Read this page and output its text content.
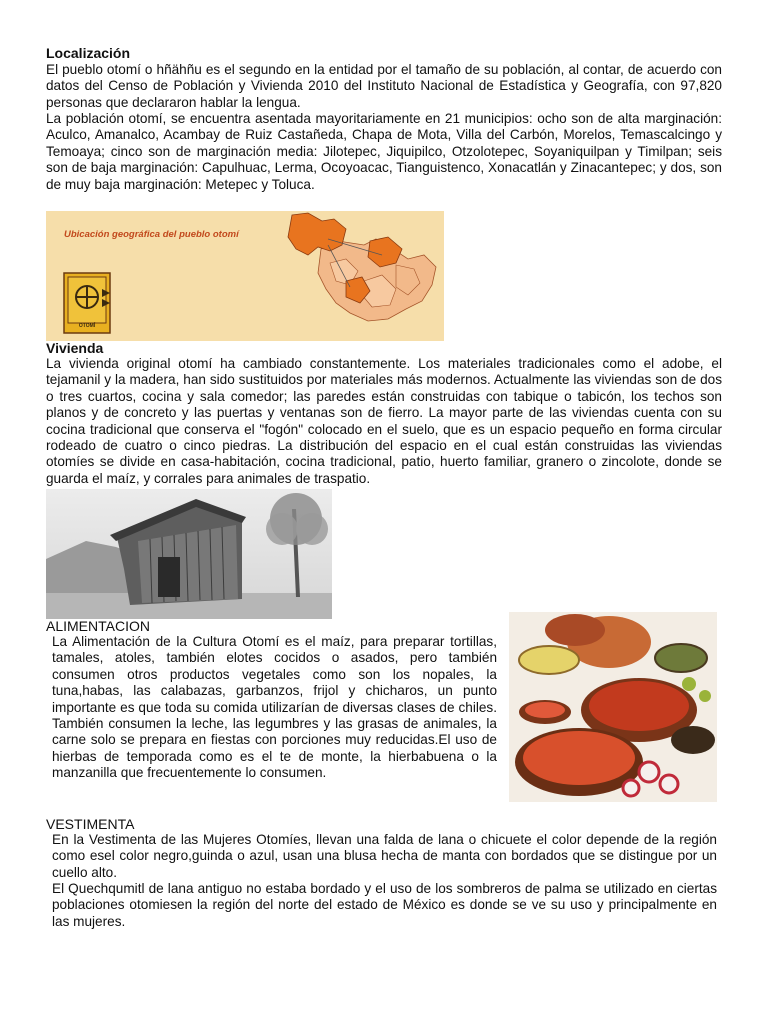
Localización

El pueblo otomí o hñähñu es el segundo en la entidad por el tamaño de su población, al contar, de acuerdo con datos del Censo de Población y Vivienda 2010 del Instituto Nacional de Estadística y Geografía, con 97,820 personas que declararon hablar la lengua.

La población otomí, se encuentra asentada mayoritariamente en 21 municipios: ocho son de alta marginación: Aculco, Amanalco, Acambay de Ruiz Castañeda, Chapa de Mota, Villa del Carbón, Morelos, Temascalcingo y Temoaya; cinco son de marginación media: Jilotepec, Jiquipilco, Otzolotepec, Soyaniquilpan y Timilpan; seis son de baja marginación: Capulhuac, Lerma, Ocoyoacac, Tianguistenco, Xonacatlán y Zinacantepec; y dos, son de muy baja marginación: Metepec y Toluca.

Ubicación geográfica del pueblo otomí
OTOMÍ

Vivienda

La vivienda original otomí ha cambiado constantemente. Los materiales tradicionales como el adobe, el tejamanil y la madera, han sido sustituidos por materiales más modernos. Actualmente las viviendas son de dos o tres cuartos, cocina y sala comedor; las paredes están construidas con tabique o tabicón, los techos son planos y de concreto y las puertas y ventanas son de fierro. La mayor parte de las viviendas cuenta con su cocina tradicional que conserva el "fogón" colocado en el suelo, que es un espacio pequeño en forma circular rodeado de cuatro o cinco piedras. La distribución del espacio en el cual están construidas las viviendas otomíes se divide en casa-habitación, cocina tradicional, patio, huerto familiar, granero o zincolote, donde se guarda el maíz, y corrales para animales de traspatio.

ALIMENTACION

La Alimentación de la Cultura Otomí es el maíz, para preparar tortillas, tamales, atoles, también elotes cocidos o asados, pero también consumen otros productos vegetales como son los nopales, la tuna,habas, las calabazas, garbanzos, frijol y chicharos, un punto importante es que toda su comida utilizarían de diversas clases de chiles. También consumen la leche, las legumbres y las grasas de animales, la carne solo se prepara en fiestas con porciones muy reducidas.El uso de hierbas de temporada como es el te de monte, la hierbabuena o la manzanilla que frecuentemente lo consumen.

VESTIMENTA

En la Vestimenta de las Mujeres Otomíes, llevan una falda de lana o chicuete el color depende de la región como esel color negro,guinda o azul, usan una blusa hecha de manta con bordados que se distingue por un cuello alto.

El Quechqumitl de lana antiguo no estaba bordado y el uso de los sombreros de palma se utilizado en ciertas poblaciones otomiesen la región del norte del estado de México es donde se ve su uso y principalmente en las mujeres.
